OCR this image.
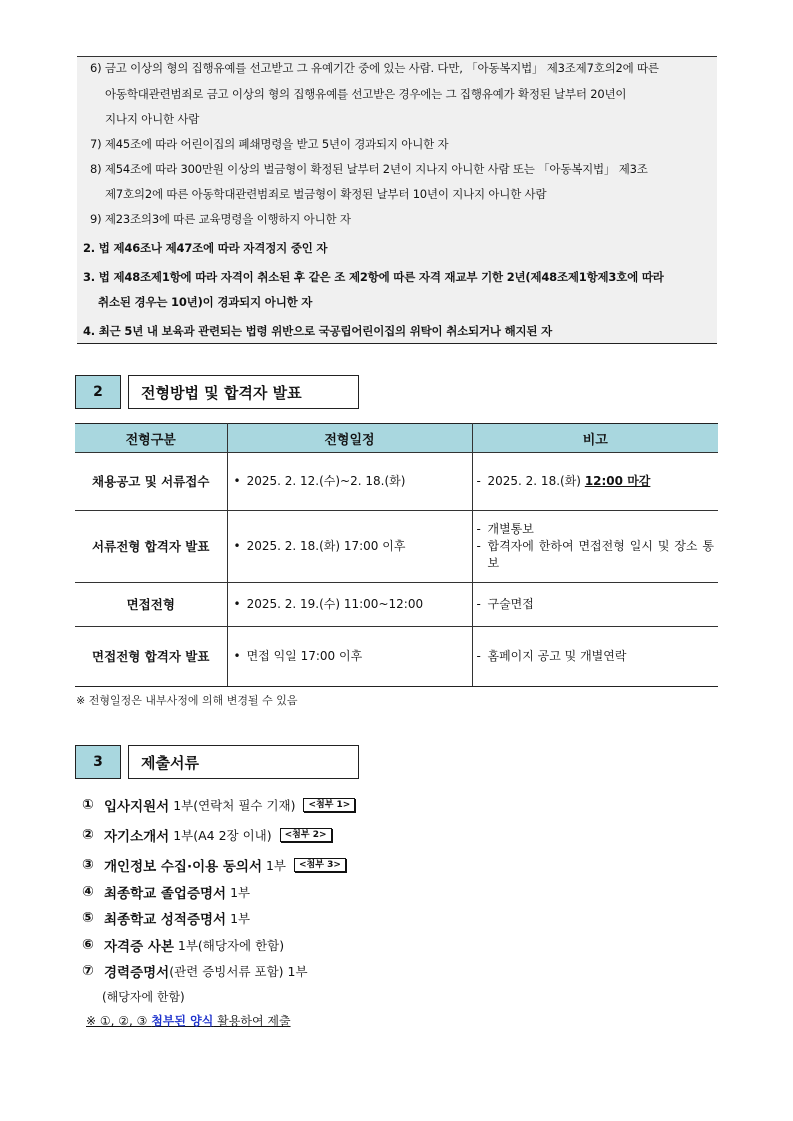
6) 금고 이상의 형의 집행유예를 선고받고 그 유예기간 중에 있는 사람. 다만, 「아동복지법」 제3조제7호의2에 따른
아동학대관련범죄로 금고 이상의 형의 집행유예를 선고받은 경우에는 그 집행유예가 확정된 날부터 20년이
지나지 아니한 사람
7) 제45조에 따라 어린이집의 폐쇄명령을 받고 5년이 경과되지 아니한 자
8) 제54조에 따라 300만원 이상의 벌금형이 확정된 날부터 2년이 지나지 아니한 사람 또는 「아동복지법」 제3조
제7호의2에 따른 아동학대관련범죄로 벌금형이 확정된 날부터 10년이 지나지 아니한 사람
9) 제23조의3에 따른 교육명령을 이행하지 아니한 자
2. 법 제46조나 제47조에 따라 자격정지 중인 자
3. 법 제48조제1항에 따라 자격이 취소된 후 같은 조 제2항에 따른 자격 재교부 기한 2년(제48조제1항제3호에 따라
취소된 경우는 10년)이 경과되지 아니한 자
4. 최근 5년 내 보육과 관련되는 법령 위반으로 국공립어린이집의 위탁이 취소되거나 해지된 자
2	전형방법 및 합격자 발표
전형구분	전형일정	비고
채용공고 및 서류접수	• 2025. 2. 12.(수)~2. 18.(화)	- 2025. 2. 18.(화) 12:00 마감

서류전형 합격자 발표	• 2025. 2. 18.(화) 17:00 이후	- 개별통보
- 합격자에 한하여 면접전형 일시 및 장소 통보

면접전형	• 2025. 2. 19.(수) 11:00~12:00	- 구술면접

면접전형 합격자 발표	• 면접 익일 17:00 이후	- 홈페이지 공고 및 개별연락
※ 전형일정은 내부사정에 의해 변경될 수 있음
3	제출서류
① 입사지원서 1부(연락처 필수 기재)	<첨부 1>
② 자기소개서 1부(A4 2장 이내)	<첨부 2>
③ 개인정보 수집·이용 동의서 1부	<첨부 3>
④ 최종학교 졸업증명서 1부
⑤ 최종학교 성적증명서 1부
⑥ 자격증 사본 1부(해당자에 한함)
⑦ 경력증명서 (관련 증빙서류 포함) 1부
(해당자에 한함)
※ ①, ②, ③ 첨부된 양식 활용하여 제출
